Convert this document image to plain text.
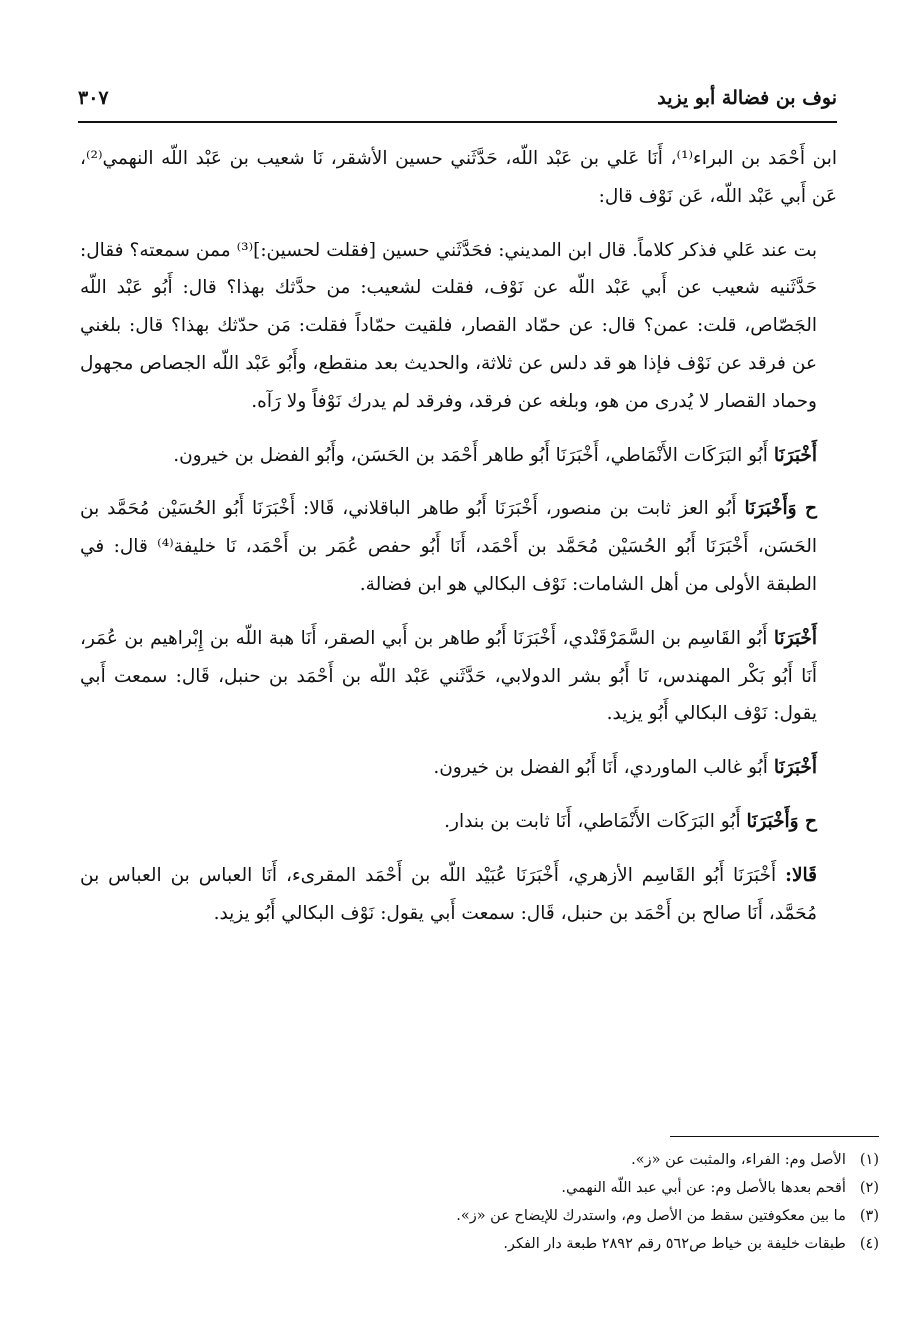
نوف بن فضالة أبو يزيد
٣٠٧

ابن أَحْمَد بن البراء⁽¹⁾، أَنَا عَلي بن عَبْد اللّه، حَدَّثَني حسين الأشقر، نَا شعيب بن عَبْد اللّه النهمي⁽²⁾، عَن أَبي عَبْد اللّه، عَن نَوْف قال:

بت عند عَلي فذكر كلاماً. قال ابن المديني: فحَدَّثَني حسين [فقلت لحسين:]⁽³⁾ ممن سمعته؟ فقال: حَدَّثَنيه شعيب عن أَبي عَبْد اللّه عن نَوْف، فقلت لشعيب: من حدَّثك بهذا؟ قال: أَبُو عَبْد اللّه الجَصّاص، قلت: عمن؟ قال: عن حمّاد القصار، فلقيت حمّاداً فقلت: مَن حدّثك بهذا؟ قال: بلغني عن فرقد عن نَوْف فإذا هو قد دلس عن ثلاثة، والحديث بعد منقطع، وأَبُو عَبْد اللّه الجصاص مجهول وحماد القصار لا يُدرى من هو، وبلغه عن فرقد، وفرقد لم يدرك نَوْفاً ولا رَآه.

أَخْبَرَنَا أَبُو البَرَكَات الأَنْمَاطي، أَخْبَرَنَا أَبُو طاهر أَحْمَد بن الحَسَن، وأَبُو الفضل بن خيرون.

ح وَأَخْبَرَنَا أَبُو العز ثابت بن منصور، أَخْبَرَنَا أَبُو طاهر الباقلاني، قَالا: أَخْبَرَنَا أَبُو الحُسَيْن مُحَمَّد بن الحَسَن، أَخْبَرَنَا أَبُو الحُسَيْن مُحَمَّد بن أَحْمَد، أَنَا أَبُو حفص عُمَر بن أَحْمَد، نَا خليفة⁽⁴⁾ قال: في الطبقة الأولى من أهل الشامات: نَوْف البكالي هو ابن فضالة.

أَخْبَرَنَا أَبُو القَاسِم بن السَّمَرْقَنْدي، أَخْبَرَنَا أَبُو طاهر بن أَبي الصقر، أَنَا هبة اللّه بن إِبْراهيم بن عُمَر، أَنَا أَبُو بَكْر المهندس، نَا أَبُو بشر الدولابي، حَدَّثَني عَبْد اللّه بن أَحْمَد بن حنبل، قَال: سمعت أَبي يقول: نَوْف البكالي أَبُو يزيد.

أَخْبَرَنَا أَبُو غالب الماوردي، أَنَا أَبُو الفضل بن خيرون.

ح وَأَخْبَرَنَا أَبُو البَرَكَات الأَنْمَاطي، أَنَا ثابت بن بندار.

قَالا: أَخْبَرَنَا أَبُو القَاسِم الأزهري، أَخْبَرَنَا عُبَيْد اللّه بن أَحْمَد المقرىء، أَنَا العباس بن العباس بن مُحَمَّد، أَنَا صالح بن أَحْمَد بن حنبل، قَال: سمعت أَبي يقول: نَوْف البكالي أَبُو يزيد.

(١)
الأصل وم: الفراء، والمثبت عن «ز».
(٢)
أقحم بعدها بالأصل وم: عن أبي عبد اللّه النهمي.
(٣)
ما بين معكوفتين سقط من الأصل وم، واستدرك للإيضاح عن «ز».
(٤)
طبقات خليفة بن خياط ص٥٦٢ رقم ٢٨٩٢ طبعة دار الفكر.
